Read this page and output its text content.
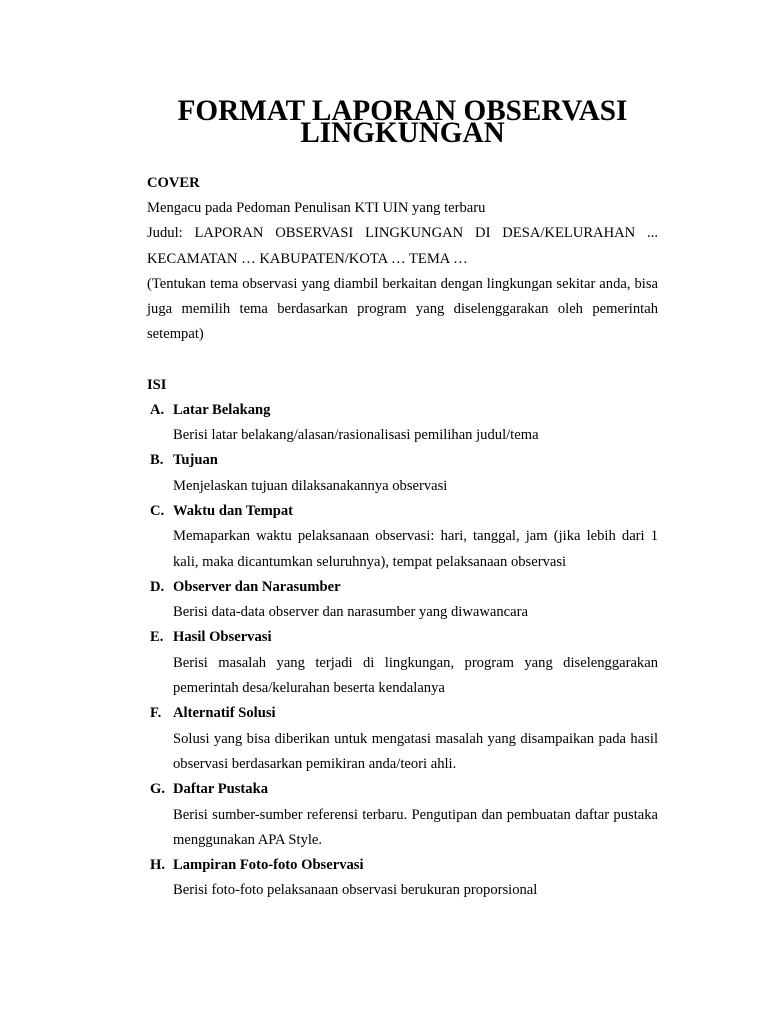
FORMAT LAPORAN OBSERVASI LINGKUNGAN

COVER

Mengacu pada Pedoman Penulisan KTI UIN yang terbaru

Judul: LAPORAN OBSERVASI LINGKUNGAN DI DESA/KELURAHAN ...
KECAMATAN … KABUPATEN/KOTA … TEMA …

(Tentukan tema observasi yang diambil berkaitan dengan lingkungan sekitar anda, bisa juga memilih tema berdasarkan program yang diselenggarakan oleh pemerintah setempat)

ISI

A. Latar Belakang
Berisi latar belakang/alasan/rasionalisasi pemilihan judul/tema
B. Tujuan
Menjelaskan tujuan dilaksanakannya observasi
C. Waktu dan Tempat
Memaparkan waktu pelaksanaan observasi: hari, tanggal, jam (jika lebih dari 1 kali, maka dicantumkan seluruhnya), tempat pelaksanaan observasi
D. Observer dan Narasumber
Berisi data-data observer dan narasumber yang diwawancara
E. Hasil Observasi
Berisi masalah yang terjadi di lingkungan, program yang diselenggarakan pemerintah desa/kelurahan beserta kendalanya
F. Alternatif Solusi
Solusi yang bisa diberikan untuk mengatasi masalah yang disampaikan pada hasil observasi berdasarkan pemikiran anda/teori ahli.
G. Daftar Pustaka
Berisi sumber-sumber referensi terbaru. Pengutipan dan pembuatan daftar pustaka menggunakan APA Style.
H. Lampiran Foto-foto Observasi
Berisi foto-foto pelaksanaan observasi berukuran proporsional
